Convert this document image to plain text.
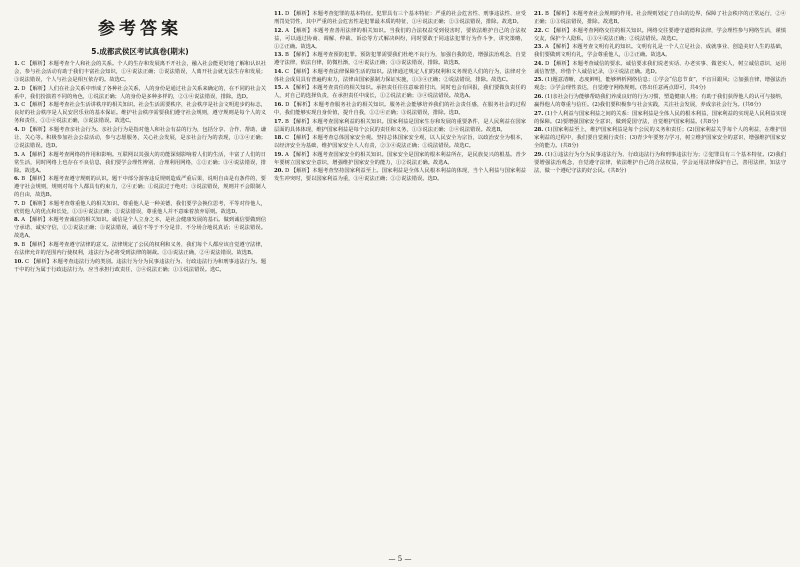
参考答案
5.成都武侯区考试真卷(期末)
1. C 【解析】本题考查个人和社会的关系。个人的生存和发展离不开社会，融入社会能更好地了解和认识社会，参与社会活动有助于我们丰富社会知识，①④说法正确；②说法错误，人离开社会就无法生存和发展；③说法错误，个人与社会是相互依存的。故选C。
2. D 【解析】人们在社会关系中形成了各种社会关系，人的身份是通过社会关系来确定的，在不同的社会关系中，我们扮演着不同的角色，①说法正确；人的身份是多种多样的，②③④说法错误，排除。选D。
3. C 【解析】本题考查社会生活讲秩序的相关知识。社会生活需要秩序，社会秩序是社会文明进步的标志，良好的社会秩序是人民安居乐业的基本保证。维护社会秩序需要我们遵守社会规则，遵守规则是每个人的义务和责任，①②④说法正确，③说法错误。故选C。
4. D 【解析】本题考查亲社会行为。亲社会行为是指对他人和社会有益的行为，包括分享、合作、帮助、谦让、关心等。积极参加社会公益活动，参与志愿服务，关心社会发展，是亲社会行为的表现，①③④正确；②说法错误。选D。
5. A 【解析】本题考查网络的作用和影响。互联网以其强大的功能深刻影响着人们的生活，丰富了人们的日常生活，同时网络上也存在不良信息，我们要学会理性辨别、合理利用网络，①②正确；③④说法错误，排除。故选A。
6. B 【解析】本题考查遵守规则的认识。题干中部分游客违反规则造成严重后果，说明自由是有条件的，要遵守社会规则，规则对每个人都具有约束力，②④正确；①说法过于绝对；③说法错误，规则并不会限制人的自由，故选B。
7. D 【解析】本题考查尊重他人的相关知识。尊重他人是一种美德，我们要学会换位思考，平等对待他人，欣赏他人的优点和长处，①③④说法正确；②说法错误，尊重他人并不意味着放弃原则。故选D。
8. A 【解析】本题考查诚信的相关知识。诚信是个人立身之本，是社会健康发展的基石。做到诚信要做到信守承诺、诚实守信，①②说法正确；③说法错误，诚信不等于不分是非、不分场合地说真话；④说法错误。故选A。
9. B 【解析】本题考查遵守法律的意义。法律规定了公民的权利和义务，我们每个人都应该自觉遵守法律，在法律允许的范围内行使权利，违法行为必将受到法律的制裁。①③说法正确，②④说法错误。故选B。
10. C 【解析】本题考查违法行为的类别。违法行为分为民事违法行为、行政违法行为和刑事违法行为。题干中的行为属于行政违法行为，应当承担行政责任，②④说法正确；①③说法错误。选C。
11. D 【解析】本题考查犯罪的基本特征。犯罪具有三个基本特征：严重的社会危害性、刑事违法性、应受刑罚处罚性，其中严重的社会危害性是犯罪最本质的特征，①④说法正确；②③说法错误，排除。故选D。
12. A 【解析】本题考查善用法律的相关知识。当我们的合法权益受到侵害时，要依法维护自己的合法权益，可以通过协商、调解、仲裁、诉讼等方式解决纠纷，同时要敢于同违法犯罪行为作斗争，讲究策略，①②正确。故选A。
13. B 【解析】本题考查预防犯罪。预防犯罪需要我们杜绝不良行为，加强自我防范，增强法治观念，自觉遵守法律，依法自律，防微杜渐，②④说法正确；①③说法错误，排除。故选B。
14. C 【解析】本题考查法律保障生活的知识。法律通过规定人们的权利和义务规范人们的行为，法律对全体社会成员具有普遍约束力，法律由国家强制力保证实施，①③④正确；②说法错误，排除。故选C。
15. A 【解析】本题考查责任的相关知识。承担责任往往意味着付出，同时也会有回报，我们要做负责任的人，对自己的选择负责，在承担责任中成长，①②说法正确；③④说法错误。故选A。
16. D 【解析】本题考查服务社会的相关知识。服务社会能够培养我们的社会责任感，在服务社会的过程中，我们能够实现自身价值，提升自我，①②④正确；③说法错误，排除。选D。
17. B 【解析】本题考查国家利益的相关知识。国家利益是国家生存和发展的重要条件，是人民利益在国家层面的具体体现，维护国家利益是每个公民的责任和义务，①③说法正确；②④说法错误。故选B。
18. C 【解析】本题考查总体国家安全观。坚持总体国家安全观，以人民安全为宗旨，以政治安全为根本，以经济安全为基础，维护国家安全人人有责，②③④说法正确；①说法错误。故选C。
19. A 【解析】本题考查国家安全的相关知识。国家安全是国家的根本利益所在，是民族复兴的根基。青少年要树立国家安全意识，增强维护国家安全的能力，①②说法正确。故选A。
20. D 【解析】本题考查坚持国家利益至上。国家利益是全体人民根本利益的体现，当个人利益与国家利益发生冲突时，要以国家利益为重，③④说法正确；①②说法错误。选D。
21. B 【解析】本题考查社会规则的作用。社会规则划定了自由的边界，保障了社会秩序的正常运行，②④正确；①③说法错误，排除。故选B。
22. C 【解析】本题考查网络交往的相关知识。网络交往要遵守道德和法律，学会理性参与网络生活，谨慎交友，保护个人隐私，①③④说法正确；②说法错误。故选C。
23. A 【解析】本题考查文明有礼的知识。文明有礼是一个人立足社会、成就事业、创造美好人生的基础，我们要做到文明有礼，学会尊重他人，①②正确。故选A。
24. D 【解析】本题考查诚信的要求。诚信要求我们说老实话、办老实事、做老实人，树立诚信意识，运用诚信智慧，珍惜个人诚信记录，③④说法正确。选D。
25. (1)题意清晰，态度鲜明，能够辨析网络信息；①学会“信息节食”，不盲目跟风；②加强自律，增强法治观念；③学会理性表达，自觉遵守网络规则。(答出任意两点即可，共4分)
26. (1)亲社会行为能够帮助我们养成良好的行为习惯，塑造健康人格；有助于我们获得他人的认可与接纳，赢得他人的尊重与信任。(2)我们要积极参与社会实践，关注社会发展，养成亲社会行为。(共6分)
27. (1)个人利益与国家利益之间的关系：国家利益是全体人民的根本利益，国家利益的实现是人民利益实现的保障。(2)要增强国家安全意识，做到爱国守法，自觉维护国家利益。(共8分)
28. (1)国家利益至上，维护国家利益是每个公民的义务和责任；(2)国家利益关乎每个人的利益，在维护国家利益的过程中，我们要自觉履行责任；(3)青少年要努力学习，树立维护国家安全的意识，增强维护国家安全的能力。(共8分)
29. (1)①违法行为分为民事违法行为、行政违法行为和刑事违法行为；②犯罪具有三个基本特征。(2)我们要增强法治观念，自觉遵守法律，依法维护自己的合法权益，学会运用法律保护自己，善用法律，知法守法，做一个遵纪守法的好公民。(共8分)
— 5 —
